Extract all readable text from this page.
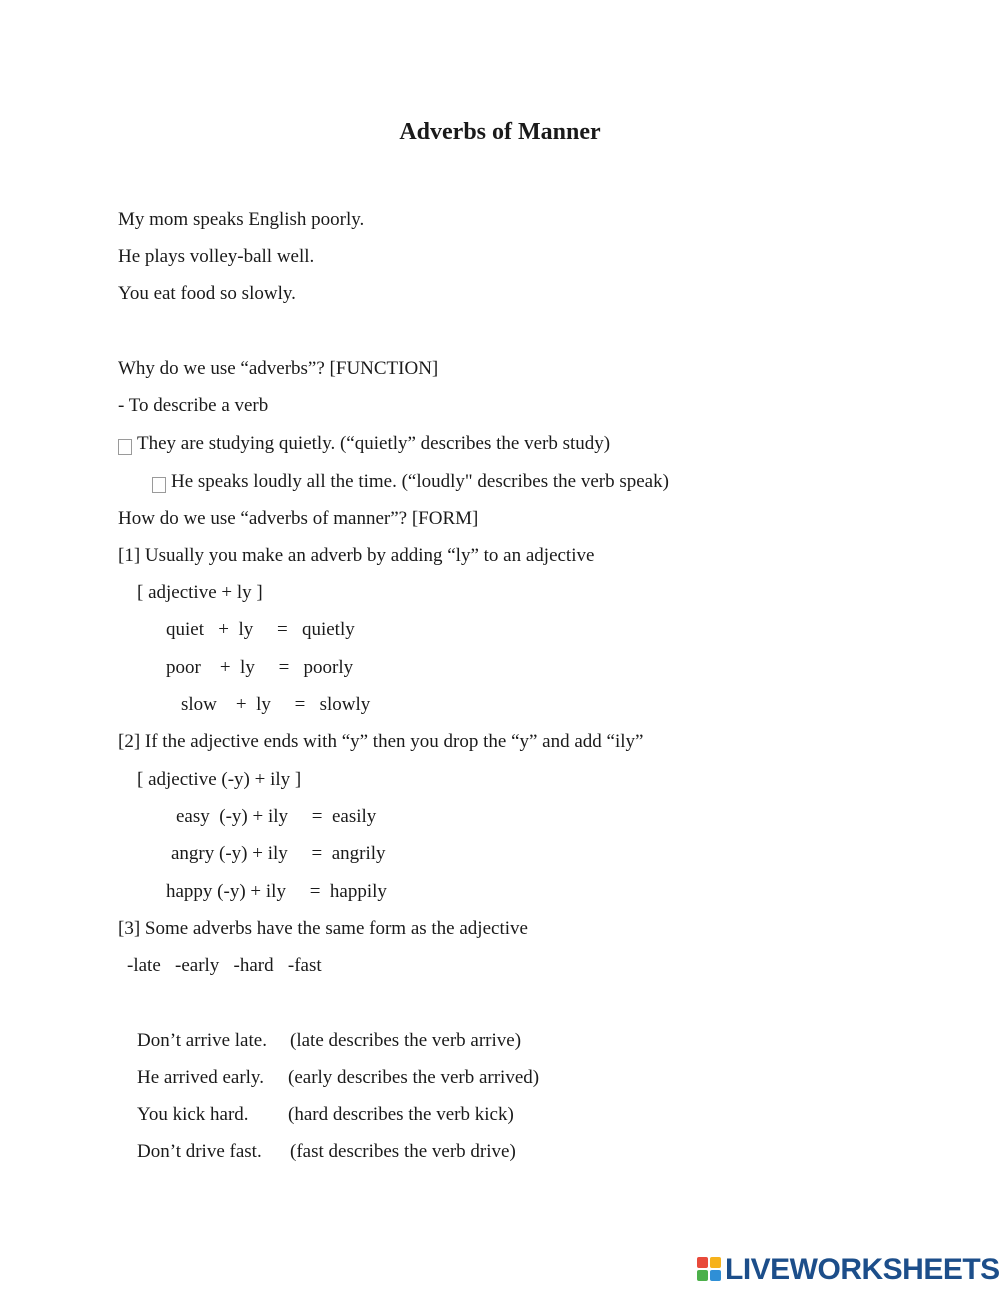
Adverbs of Manner

My mom speaks English poorly.

He plays volley-ball well.

You eat food so slowly.

Why do we use “adverbs”? [FUNCTION]

- To describe a verb

They are studying quietly. (“quietly” describes the verb study)

He speaks loudly all the time. (“loudly" describes the verb speak)

How do we use “adverbs of manner”? [FORM]

[1] Usually you make an adverb by adding “ly” to an adjective

[ adjective + ly ]

quiet   +  ly     =   quietly

poor    +  ly     =   poorly

slow    +  ly     =   slowly

[2] If the adjective ends with “y” then you drop the “y” and add “ily”

[ adjective (-y) + ily ]

easy  (-y) + ily     =  easily

angry (-y) + ily     =  angrily

happy (-y) + ily     =  happily

[3] Some adverbs have the same form as the adjective

-late   -early   -hard   -fast

Don’t arrive late. (late describes the verb arrive)

He arrived early. (early describes the verb arrived)

You kick hard. (hard describes the verb kick)

Don’t drive fast. (fast describes the verb drive)

LIVEWORKSHEETS
